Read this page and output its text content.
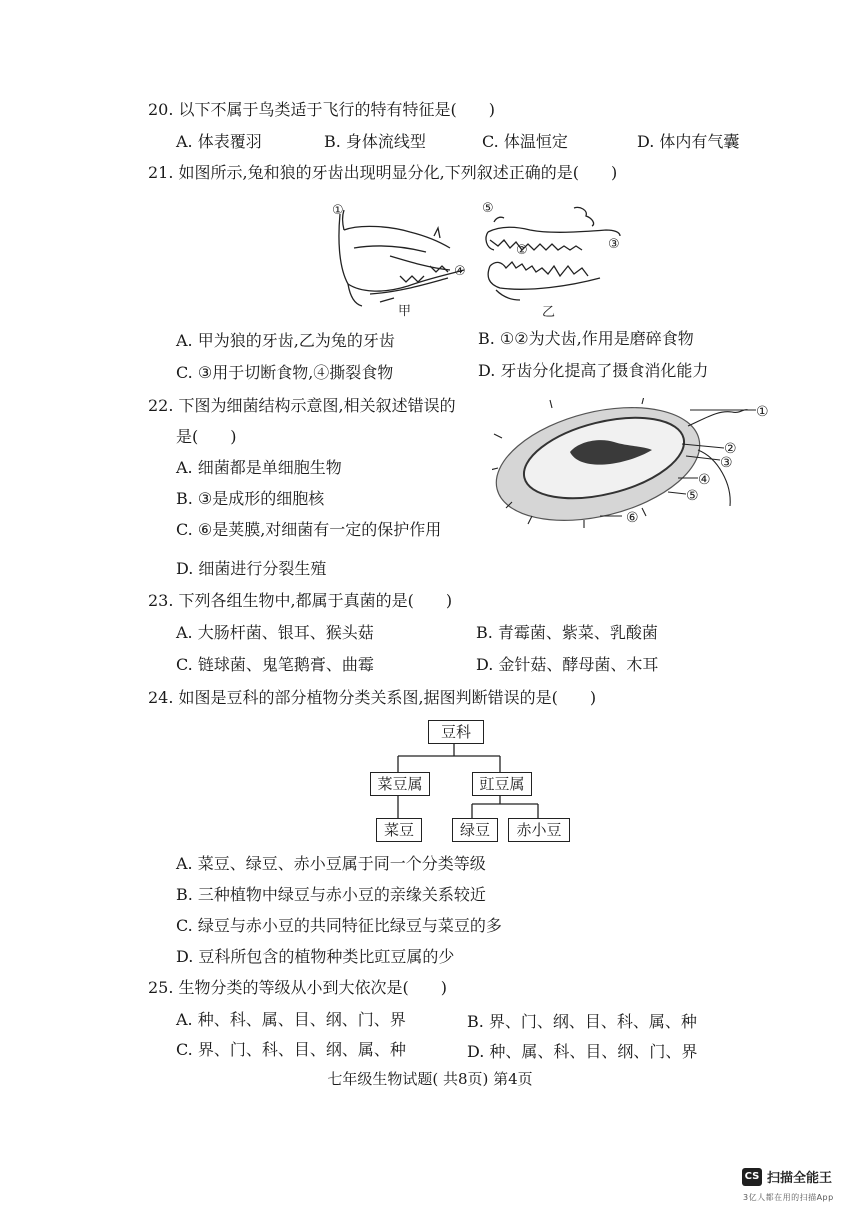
20. 以下不属于鸟类适于飞行的特有特征是(　　)
A. 体表覆羽	B. 身体流线型	C. 体温恒定	D. 体内有气囊
21. 如图所示,兔和狼的牙齿出现明显分化,下列叙述正确的是(　　)
①
④
⑤
②	③
甲	乙
A. 甲为狼的牙齿,乙为兔的牙齿	B. ①②为犬齿,作用是磨碎食物
C. ③用于切断食物,④撕裂食物	D. 牙齿分化提高了摄食消化能力
22. 下图为细菌结构示意图,相关叙述错误的
是(　　)
①
②
③
④
⑤
⑥
A. 细菌都是单细胞生物
B. ③是成形的细胞核
C. ⑥是荚膜,对细菌有一定的保护作用
D. 细菌进行分裂生殖
23. 下列各组生物中,都属于真菌的是(　　)
A. 大肠杆菌、银耳、猴头菇	B. 青霉菌、紫菜、乳酸菌
C. 链球菌、鬼笔鹅膏、曲霉	D. 金针菇、酵母菌、木耳
24. 如图是豆科的部分植物分类关系图,据图判断错误的是(　　)
豆科
菜豆属	豇豆属
菜豆	绿豆	赤小豆
A. 菜豆、绿豆、赤小豆属于同一个分类等级
B. 三种植物中绿豆与赤小豆的亲缘关系较近
C. 绿豆与赤小豆的共同特征比绿豆与菜豆的多
D. 豆科所包含的植物种类比豇豆属的少
25. 生物分类的等级从小到大依次是(　　)
A. 种、科、属、目、纲、门、界	B. 界、门、纲、目、科、属、种
C. 界、门、科、目、纲、属、种	D. 种、属、科、目、纲、门、界
七年级生物试题( 共8页) 第4页
CS 扫描全能王
3亿人都在用的扫描App
